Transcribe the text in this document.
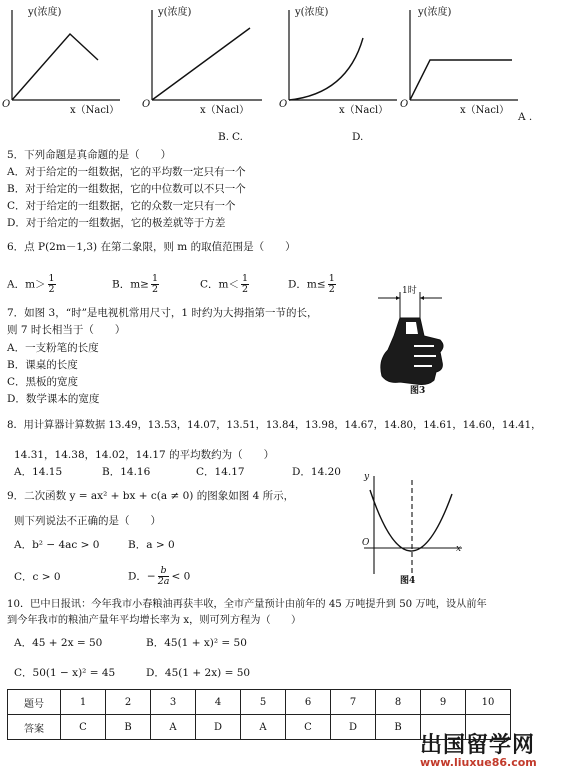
y(浓度)
O
x（Nacl）
y(浓度)
O
x（Nacl）
B.
y(浓度)
O
x（Nacl）
C.
y(浓度)
O
x（Nacl）
D.
A .
5．下列命题是真命题的是（　　）
A．对于给定的一组数据，它的平均数一定只有一个
B．对于给定的一组数据，它的中位数可以不只一个
C．对于给定的一组数据，它的众数一定只有一个
D．对于给定的一组数据，它的极差就等于方差
6．点 P(2m－1,3) 在第二象限，则 m 的取值范围是（　　）
A．$m> \frac{1}{2}$	B．$m\ge \frac{1}{2}$	C．$m< \frac{1}{2}$	D．$m\le \frac{1}{2}$
7．如图 3，“时”是电视机常用尺寸，1 时约为大拇指第一节的长，
则 7 时长相当于（　　）
A．一支粉笔的长度
B．课桌的长度
C．黑板的宽度
D．数学课本的宽度
1时
图3
8．用计算器计算数据 13.49，13.53，14.07，13.51，13.84，13.98，14.67，14.80，14.61，14.60，14.41，
14.31，14.38，14.02，14.17 的平均数约为（　　）
A．14.15	B．14.16	C．14.17	D．14.20
9．二次函数 y = ax² + bx + c(a ≠ 0) 的图象如图 4 所示，
则下列说法不正确的是（　　）
A．b² − 4ac > 0	B．a > 0
C．c > 0	D．− $\frac{b}{2a} < 0$
y
x
O
图4
10．巴中日报讯：今年我市小春粮油再获丰收，全市产量预计由前年的 45 万吨提升到 50 万吨，设从前年
到今年我市的粮油产量年平均增长率为 x，则可列方程为（　　）
A．45 + 2x = 50	B．45(1 + x)² = 50
C．50(1 − x)² = 45	D．45(1 + 2x) = 50
题号	1	2	3	4	5	6	7	8	9	10
答案	C	B	A	D	A	C	D	B		
出国留学网
www.liuxue86.com
